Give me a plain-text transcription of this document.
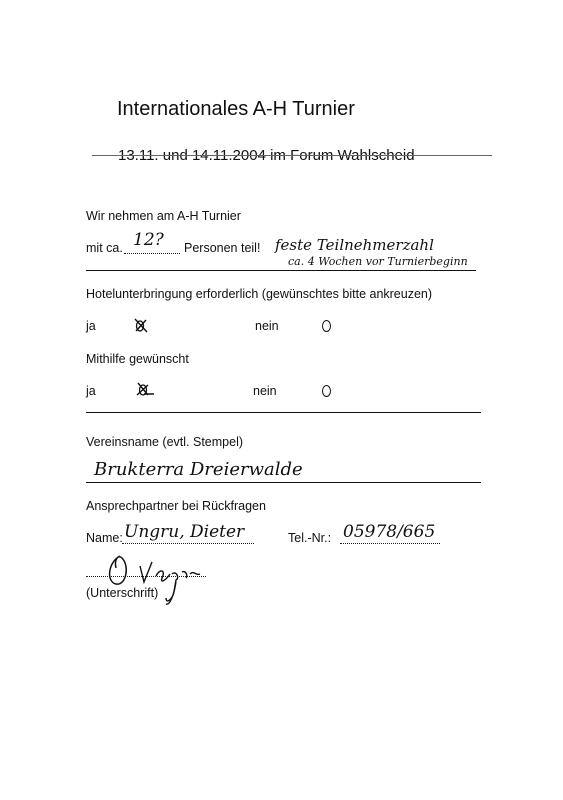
Internationales A-H Turnier
13.11. und 14.11.2004 im Forum Wahlscheid
Wir nehmen am A-H Turnier
mit ca. 12? Personen teil! feste Teilnehmerzahl
ca. 4 Wochen vor Turnierbeginn
Hotelunterbringung erforderlich (gewünschtes bitte ankreuzen)
ja	nein
Mithilfe gewünscht
ja	nein
Vereinsname (evtl. Stempel)
Brukterra Dreierwalde
Ansprechpartner bei Rückfragen
Name: Ungru, Dieter	Tel.-Nr.: 05978/665
(Unterschrift)
